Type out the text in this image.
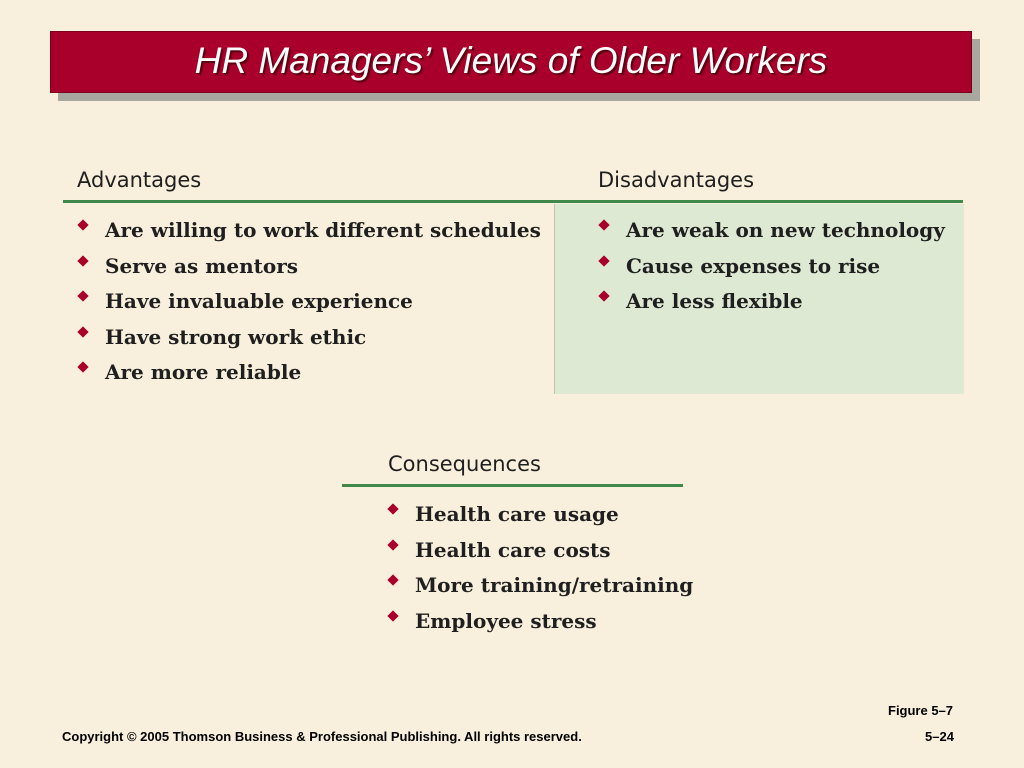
HR Managers’ Views of Older Workers
Advantages	Disadvantages
Are willing to work different schedules
Serve as mentors
Have invaluable experience
Have strong work ethic
Are more reliable
Are weak on new technology
Cause expenses to rise
Are less flexible
Consequences
Health care usage
Health care costs
More training/retraining
Employee stress
Figure 5–7
Copyright © 2005 Thomson Business & Professional Publishing. All rights reserved.	5–24
